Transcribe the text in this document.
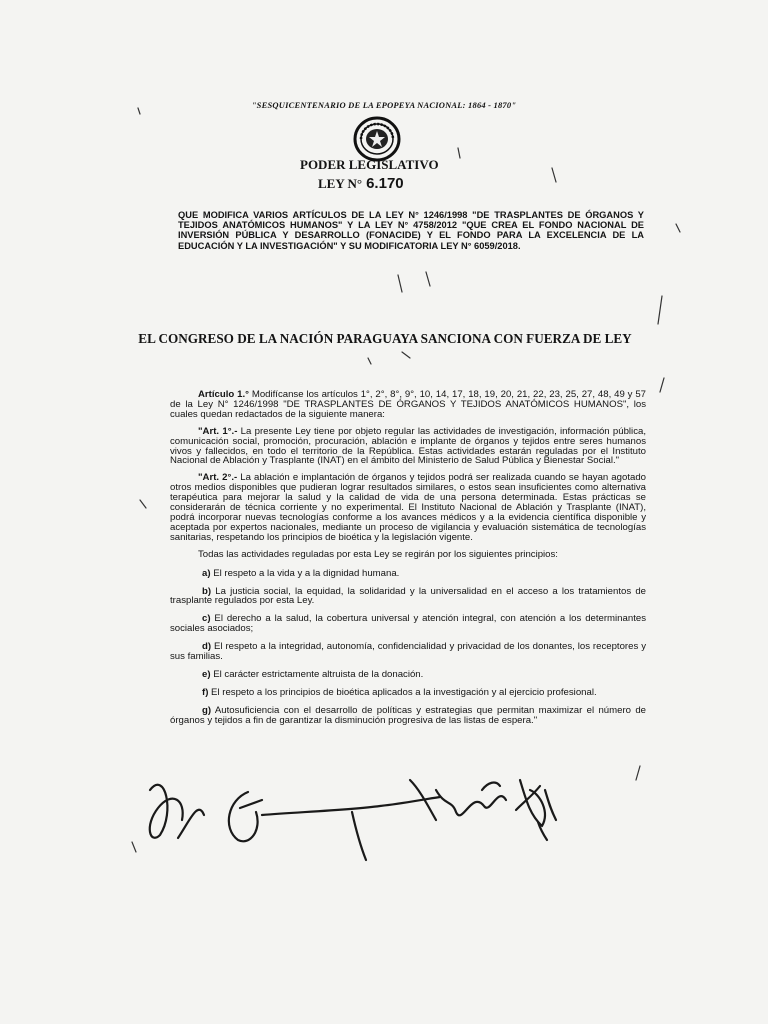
"SESQUICENTENARIO DE LA EPOPEYA NACIONAL: 1864 - 1870"
PODER LEGISLATIVO
LEY N° 6.170
QUE MODIFICA VARIOS ARTÍCULOS DE LA LEY N° 1246/1998 "DE TRASPLANTES DE ÓRGANOS Y TEJIDOS ANATÓMICOS HUMANOS" Y LA LEY N° 4758/2012 "QUE CREA EL FONDO NACIONAL DE INVERSIÓN PÚBLICA Y DESARROLLO (FONACIDE) Y EL FONDO PARA LA EXCELENCIA DE LA EDUCACIÓN Y LA INVESTIGACIÓN" Y SU MODIFICATORIA LEY N° 6059/2018.
EL CONGRESO DE LA NACIÓN PARAGUAYA SANCIONA CON FUERZA DE LEY

Artículo 1.° Modifícanse los artículos 1°, 2°, 8°, 9°, 10, 14, 17, 18, 19, 20, 21, 22, 23, 25, 27, 48, 49 y 57 de la Ley N° 1246/1998 "DE TRASPLANTES DE ÓRGANOS Y TEJIDOS ANATÓMICOS HUMANOS", los cuales quedan redactados de la siguiente manera:

"Art. 1°.- La presente Ley tiene por objeto regular las actividades de investigación, información pública, comunicación social, promoción, procuración, ablación e implante de órganos y tejidos entre seres humanos vivos y fallecidos, en todo el territorio de la República. Estas actividades estarán reguladas por el Instituto Nacional de Ablación y Trasplante (INAT) en el ámbito del Ministerio de Salud Pública y Bienestar Social."

"Art. 2°.- La ablación e implantación de órganos y tejidos podrá ser realizada cuando se hayan agotado otros medios disponibles que pudieran lograr resultados similares, o estos sean insuficientes como alternativa terapéutica para mejorar la salud y la calidad de vida de una persona determinada. Estas prácticas se considerarán de técnica corriente y no experimental. El Instituto Nacional de Ablación y Trasplante (INAT), podrá incorporar nuevas tecnologías conforme a los avances médicos y a la evidencia científica disponible y aceptada por expertos nacionales, mediante un proceso de vigilancia y evaluación sistemática de tecnologías sanitarias, respetando los principios de bioética y la legislación vigente.

Todas las actividades reguladas por esta Ley se regirán por los siguientes principios:

a) El respeto a la vida y a la dignidad humana.

b) La justicia social, la equidad, la solidaridad y la universalidad en el acceso a los tratamientos de trasplante regulados por esta Ley.

c) El derecho a la salud, la cobertura universal y atención integral, con atención a los determinantes sociales asociados;

d) El respeto a la integridad, autonomía, confidencialidad y privacidad de los donantes, los receptores y sus familias.

e) El carácter estrictamente altruista de la donación.

f) El respeto a los principios de bioética aplicados a la investigación y al ejercicio profesional.

g) Autosuficiencia con el desarrollo de políticas y estrategias que permitan maximizar el número de órganos y tejidos a fin de garantizar la disminución progresiva de las listas de espera."
